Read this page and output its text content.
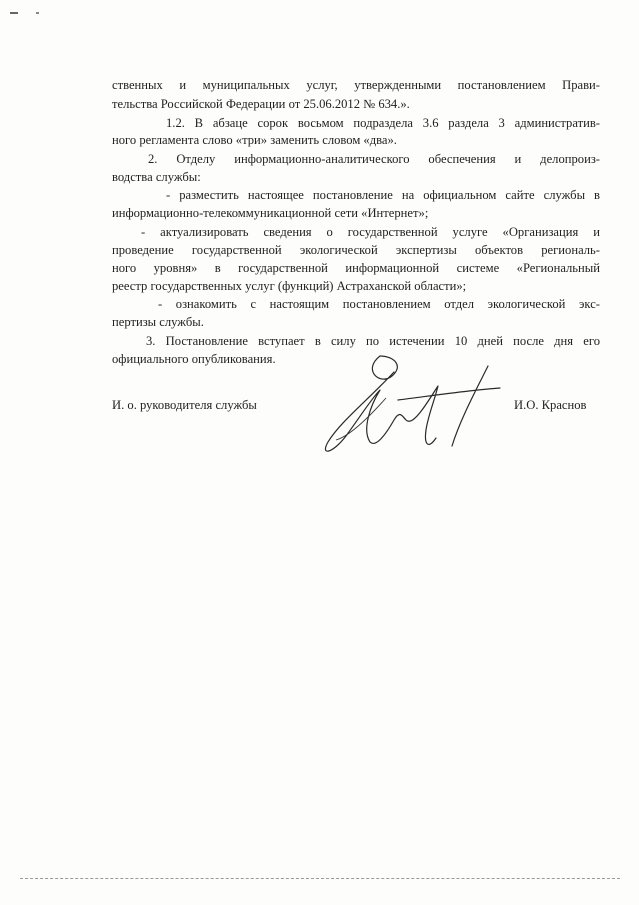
ственных и муниципальных услуг, утвержденными постановлением Прави-
тельства Российской Федерации от 25.06.2012 № 634.».
1.2. В абзаце сорок восьмом подраздела 3.6 раздела 3 административ-
ного регламента слово «три» заменить словом «два».
2. Отделу информационно-аналитического обеспечения и делопроиз-
водства службы:
- разместить настоящее постановление на официальном сайте службы в
информационно-телекоммуникационной сети «Интернет»;
- актуализировать сведения о государственной услуге «Организация и
проведение государственной экологической экспертизы объектов региональ-
ного уровня» в государственной информационной системе «Региональный
реестр государственных услуг (функций) Астраханской области»;
- ознакомить с настоящим постановлением отдел экологической экс-
пертизы службы.
3. Постановление вступает в силу по истечении 10 дней после дня его
официального опубликования.
И. о. руководителя службы	И.О. Краснов
